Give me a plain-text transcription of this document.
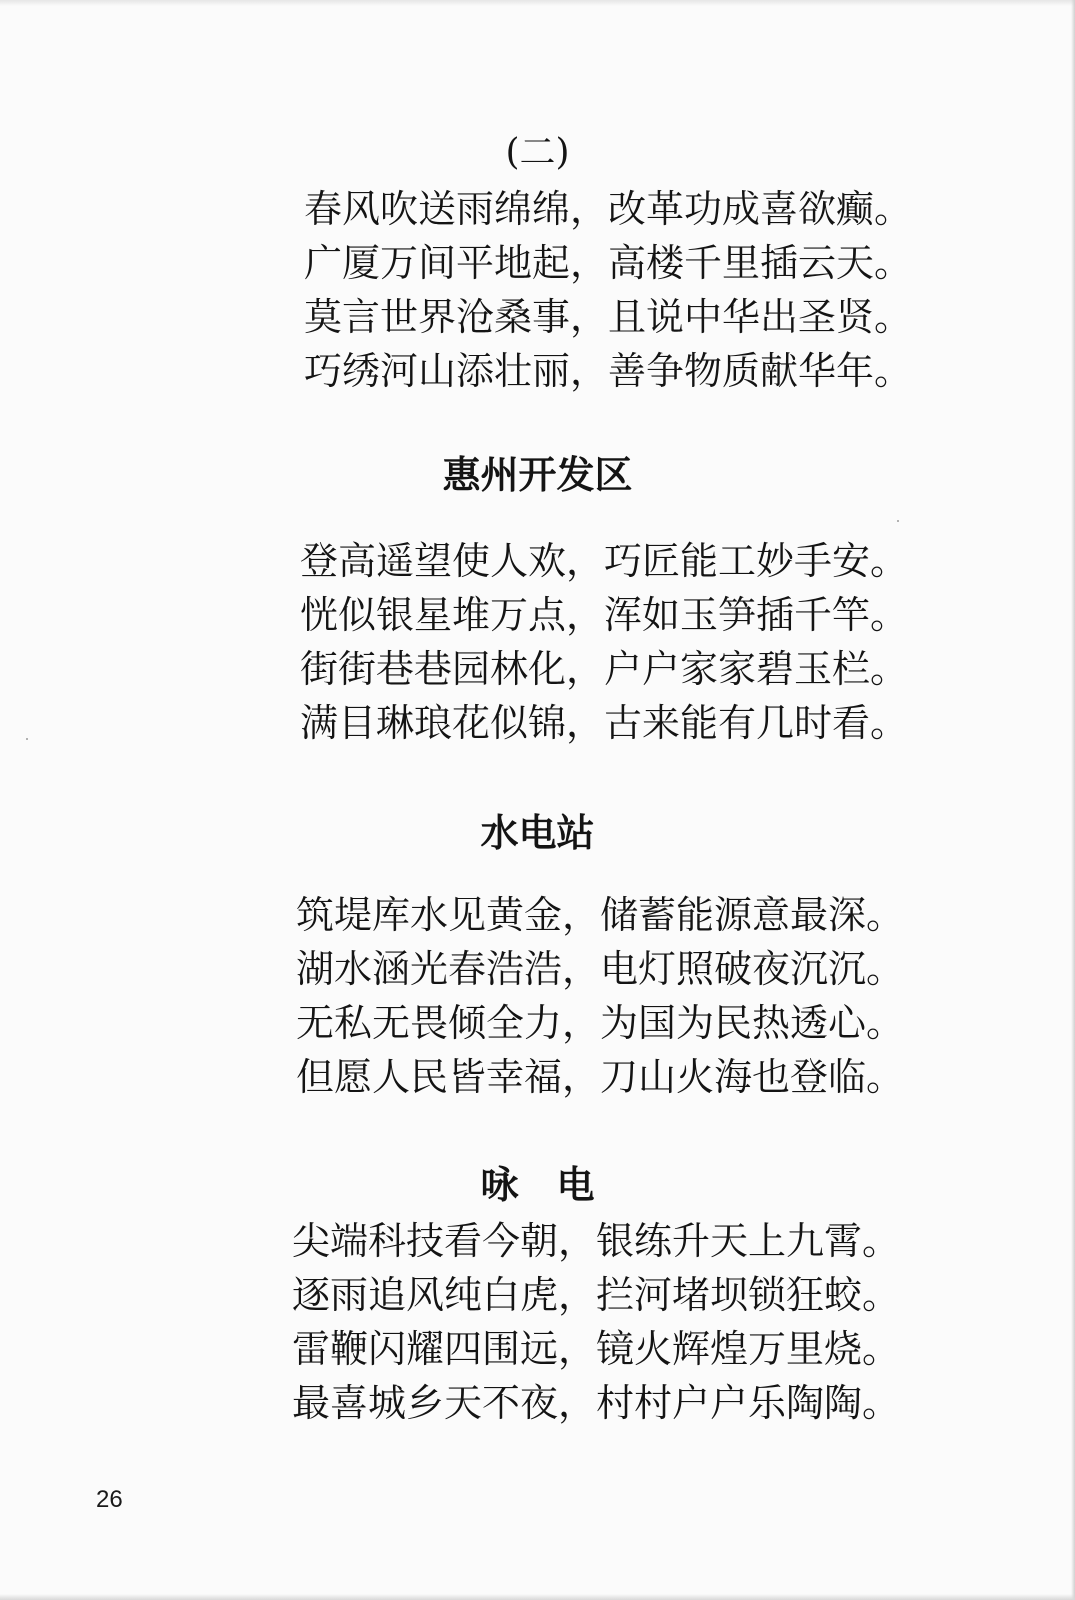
(二)
春风吹送雨绵绵，改革功成喜欲癫。
广厦万间平地起，高楼千里插云天。
莫言世界沧桑事，且说中华出圣贤。
巧绣河山添壮丽，善争物质献华年。
惠州开发区
登高遥望使人欢，巧匠能工妙手安。
恍似银星堆万点，浑如玉笋插千竿。
街街巷巷园林化，户户家家碧玉栏。
满目琳琅花似锦，古来能有几时看。
水电站
筑堤库水见黄金，储蓄能源意最深。
湖水涵光春浩浩，电灯照破夜沉沉。
无私无畏倾全力，为国为民热透心。
但愿人民皆幸福，刀山火海也登临。
咏电
尖端科技看今朝，银练升天上九霄。
逐雨追风纯白虎，拦河堵坝锁狂蛟。
雷鞭闪耀四围远，镜火辉煌万里烧。
最喜城乡天不夜，村村户户乐陶陶。
26
